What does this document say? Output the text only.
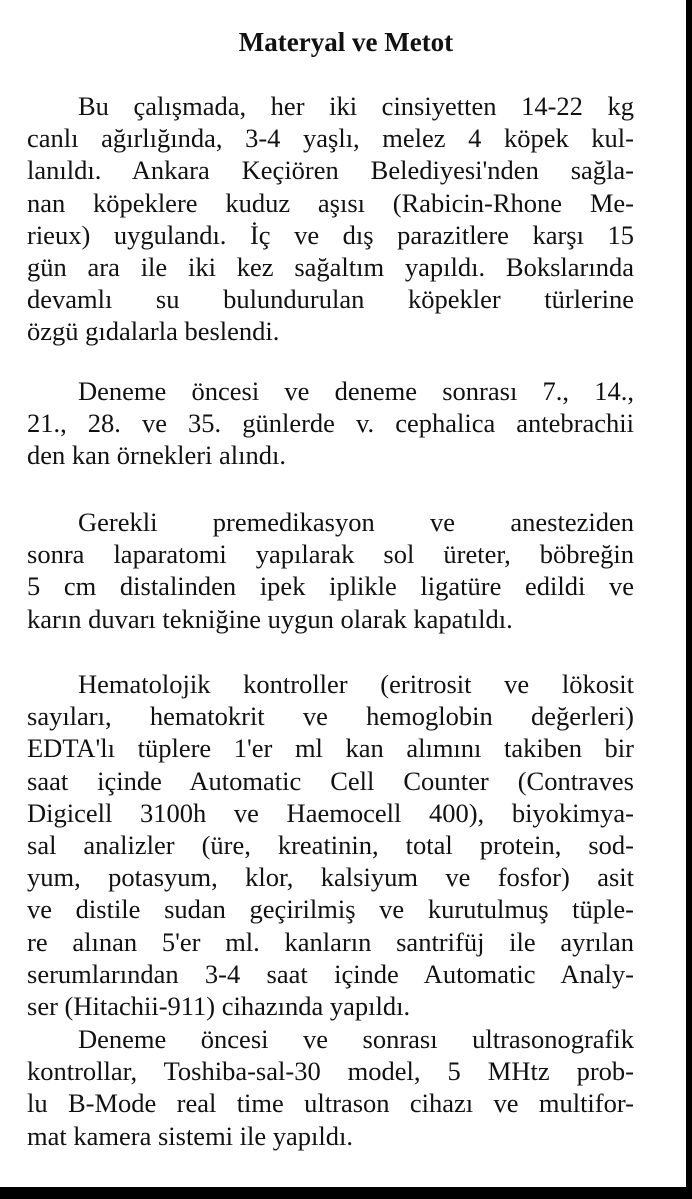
Materyal ve Metot

Bu çalışmada, her iki cinsiyetten 14-22 kg
canlı ağırlığında, 3-4 yaşlı, melez 4 köpek kul-
lanıldı. Ankara Keçiören Belediyesi'nden sağla-
nan köpeklere kuduz aşısı (Rabicin-Rhone Me-
rieux) uygulandı. İç ve dış parazitlere karşı 15
gün ara ile iki kez sağaltım yapıldı. Bokslarında
devamlı su bulundurulan köpekler türlerine
özgü gıdalarla beslendi.

Deneme öncesi ve deneme sonrası 7., 14.,
21., 28. ve 35. günlerde v. cephalica antebrachii
den kan örnekleri alındı.

Gerekli premedikasyon ve anesteziden
sonra laparatomi yapılarak sol üreter, böbreğin
5 cm distalinden ipek iplikle ligatüre edildi ve
karın duvarı tekniğine uygun olarak kapatıldı.

Hematolojik kontroller (eritrosit ve lökosit
sayıları, hematokrit ve hemoglobin değerleri)
EDTA'lı tüplere 1'er ml kan alımını takiben bir
saat içinde Automatic Cell Counter (Contraves
Digicell 3100h ve Haemocell 400), biyokimya-
sal analizler (üre, kreatinin, total protein, sod-
yum, potasyum, klor, kalsiyum ve fosfor) asit
ve distile sudan geçirilmiş ve kurutulmuş tüple-
re alınan 5'er ml. kanların santrifüj ile ayrılan
serumlarından 3-4 saat içinde Automatic Analy-
ser (Hitachii-911) cihazında yapıldı.

Deneme öncesi ve sonrası ultrasonografik
kontrollar, Toshiba-sal-30 model, 5 MHtz prob-
lu B-Mode real time ultrason cihazı ve multifor-
mat kamera sistemi ile yapıldı.
